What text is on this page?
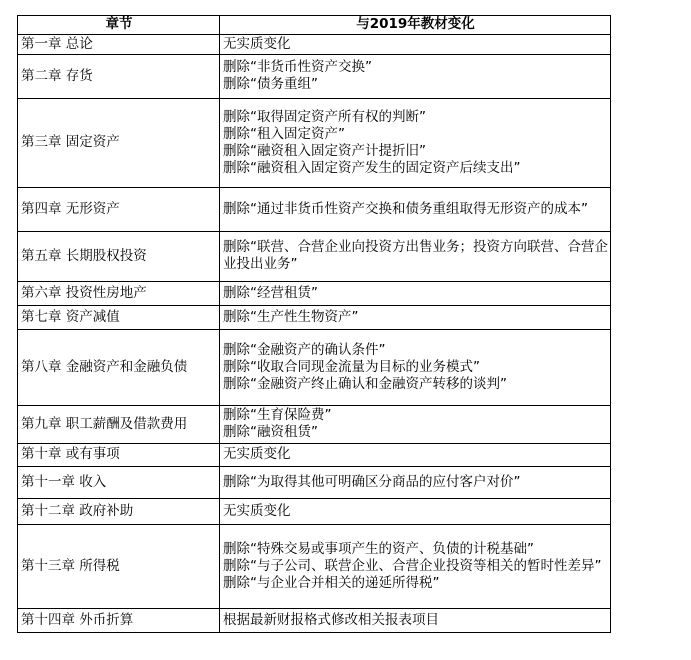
章节	与2019年教材变化
第一章 总论	无实质变化

第二章 存货	删除“非货币性资产交换”
删除“债务重组”

第三章 固定资产	删除“取得固定资产所有权的判断”
删除“租入固定资产”
删除“融资租入固定资产计提折旧”
删除“融资租入固定资产发生的固定资产后续支出”

第四章 无形资产	删除“通过非货币性资产交换和债务重组取得无形资产的成本”

第五章 长期股权投资	删除“联营、合营企业向投资方出售业务；投资方向联营、合营企业投出业务”

第六章 投资性房地产	删除“经营租赁”

第七章 资产减值	删除“生产性生物资产”

第八章 金融资产和金融负债	删除“金融资产的确认条件”
删除“收取合同现金流量为目标的业务模式”
删除“金融资产终止确认和金融资产转移的谈判”

第九章 职工薪酬及借款费用	删除“生育保险费”
删除“融资租赁”

第十章 或有事项	无实质变化

第十一章 收入	删除“为取得其他可明确区分商品的应付客户对价”

第十二章 政府补助	无实质变化

第十三章 所得税	删除“特殊交易或事项产生的资产、负债的计税基础”
删除“与子公司、联营企业、合营企业投资等相关的暂时性差异”
删除“与企业合并相关的递延所得税”

第十四章 外币折算	根据最新财报格式修改相关报表项目
